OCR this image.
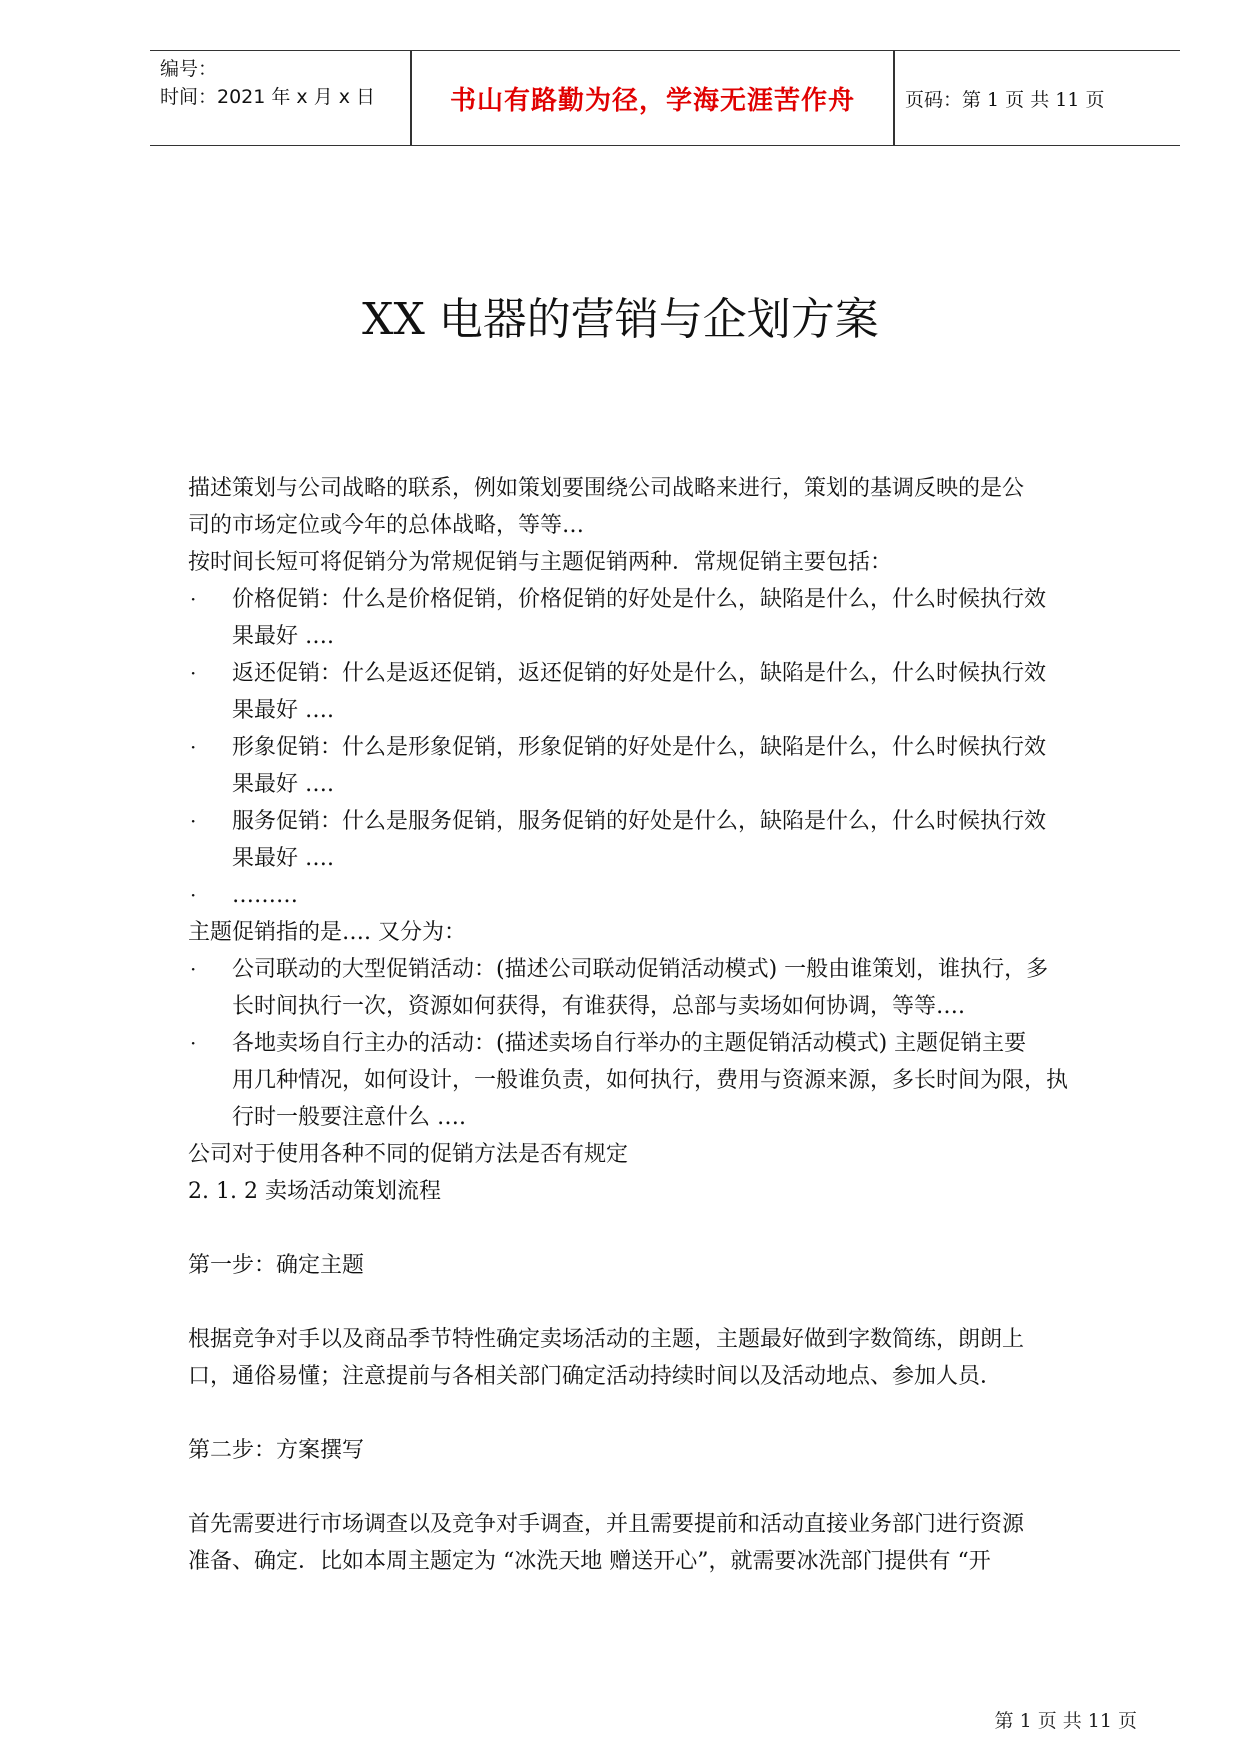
编号：
时间：2021 年 x 月 x 日	书山有路勤为径，学海无涯苦作舟	页码：第 1 页 共 11 页
XX 电器的营销与企划方案

描述策划与公司战略的联系，例如策划要围绕公司战略来进行，策划的基调反映的是公

司的市场定位或今年的总体战略，等等…

按时间长短可将促销分为常规促销与主题促销两种．常规促销主要包括：

· 价格促销：什么是价格促销，价格促销的好处是什么，缺陷是什么，什么时候执行效
果最好 ….
· 返还促销：什么是返还促销，返还促销的好处是什么，缺陷是什么，什么时候执行效
果最好 ….
· 形象促销：什么是形象促销，形象促销的好处是什么，缺陷是什么，什么时候执行效
果最好 ….
· 服务促销：什么是服务促销，服务促销的好处是什么，缺陷是什么，什么时候执行效
果最好 ….
· ………

主题促销指的是…. 又分为：

· 公司联动的大型促销活动：(描述公司联动促销活动模式) 一般由谁策划，谁执行，多
长时间执行一次，资源如何获得，有谁获得，总部与卖场如何协调，等等….
· 各地卖场自行主办的活动：(描述卖场自行举办的主题促销活动模式) 主题促销主要
用几种情况，如何设计，一般谁负责，如何执行，费用与资源来源，多长时间为限，执
行时一般要注意什么 ….

公司对于使用各种不同的促销方法是否有规定

2. 1. 2 卖场活动策划流程

第一步：确定主题

根据竞争对手以及商品季节特性确定卖场活动的主题，主题最好做到字数简练，朗朗上

口，通俗易懂；注意提前与各相关部门确定活动持续时间以及活动地点、参加人员．

第二步：方案撰写

首先需要进行市场调查以及竞争对手调查，并且需要提前和活动直接业务部门进行资源

准备、确定．比如本周主题定为 “冰洗天地 赠送开心”，就需要冰洗部门提供有 “开

第 1 页 共 11 页
